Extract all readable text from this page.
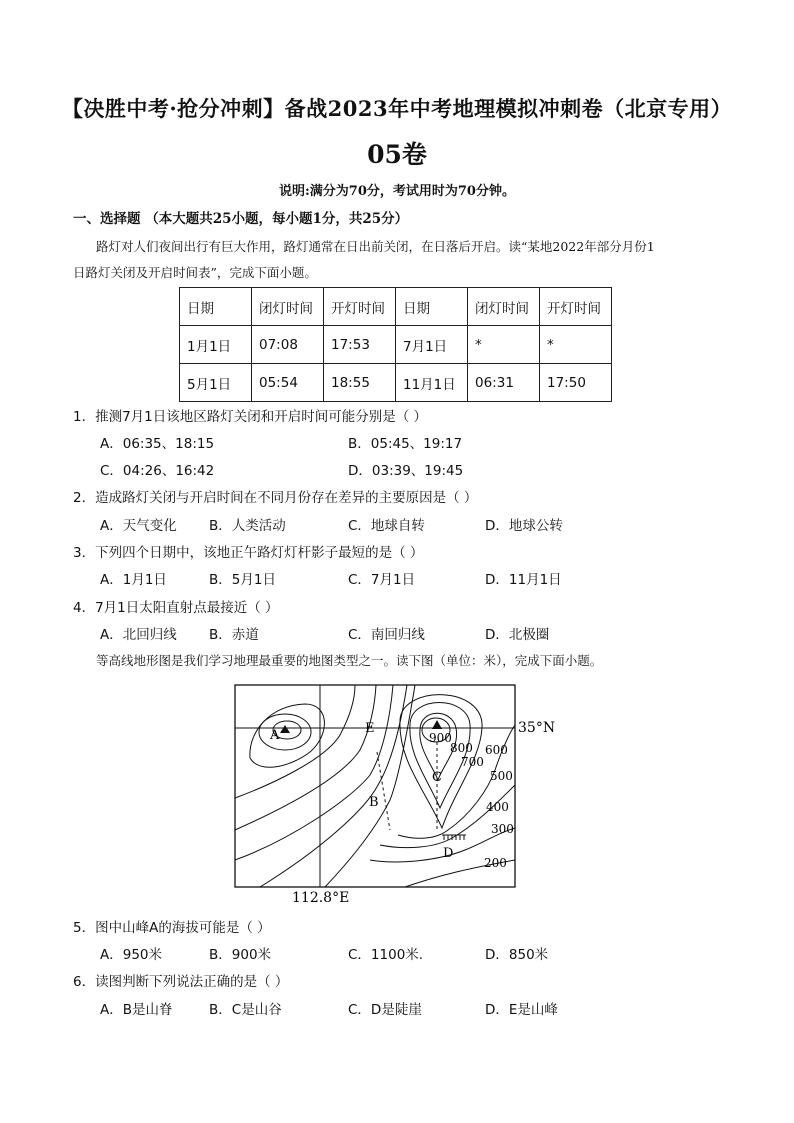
【决胜中考·抢分冲刺】备战2023年中考地理模拟冲刺卷（北京专用）
05卷
说明:满分为70分，考试用时为70分钟。
一、选择题 （本大题共25小题，每小题1分，共25分）
路灯对人们夜间出行有巨大作用，路灯通常在日出前关闭，在日落后开启。读“某地2022年部分月份1
日路灯关闭及开启时间表”，完成下面小题。
日期	闭灯时间	开灯时间	日期	闭灯时间	开灯时间
1月1日	07:08	17:53	7月1日	*	*
5月1日	05:54	18:55	11月1日	06:31	17:50
1．推测7月1日该地区路灯关闭和开启时间可能分别是（ ）
A．06:35、18:15	B．05:45、19:17
C．04:26、16:42	D．03:39、19:45
2．造成路灯关闭与开启时间在不同月份存在差异的主要原因是（ ）
A．天气变化 B．人类活动	C．地球自转	D．地球公转
3．下列四个日期中，该地正午路灯灯杆影子最短的是（ ）
A．1月1日	B．5月1日	C．7月1日	D．11月1日
4．7月1日太阳直射点最接近（ ）
A．北回归线 B．赤道	C．南回归线	D．北极圈
等高线地形图是我们学习地理最重要的地图类型之一。读下图（单位：米），完成下面小题。
A
B
C
D
E
900
800
700
600
500
400
300
200
35°N
112.8°E
5．图中山峰A的海拔可能是（ ）
A．950米	B．900米	C．1100米.	D．850米
6．读图判断下列说法正确的是（ ）
A．B是山脊	B．C是山谷	C．D是陡崖	D．E是山峰
